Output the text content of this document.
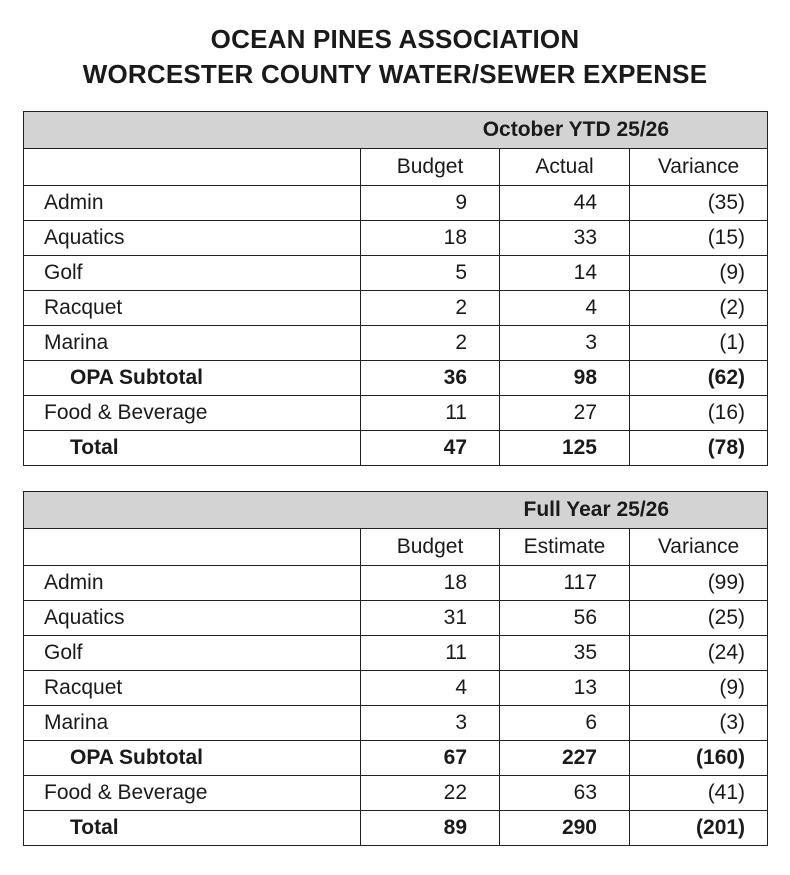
OCEAN PINES ASSOCIATION
WORCESTER COUNTY WATER/SEWER EXPENSE
October YTD 25/26			
	Budget	Actual	Variance
Admin	9	44	(35)
Aquatics	18	33	(15)
Golf	5	14	(9)
Racquet	2	4	(2)
Marina	2	3	(1)
OPA Subtotal	36	98	(62)
Food & Beverage	11	27	(16)
Total	47	125	(78)
Full Year 25/26			
	Budget	Estimate	Variance
Admin	18	117	(99)
Aquatics	31	56	(25)
Golf	11	35	(24)
Racquet	4	13	(9)
Marina	3	6	(3)
OPA Subtotal	67	227	(160)
Food & Beverage	22	63	(41)
Total	89	290	(201)
